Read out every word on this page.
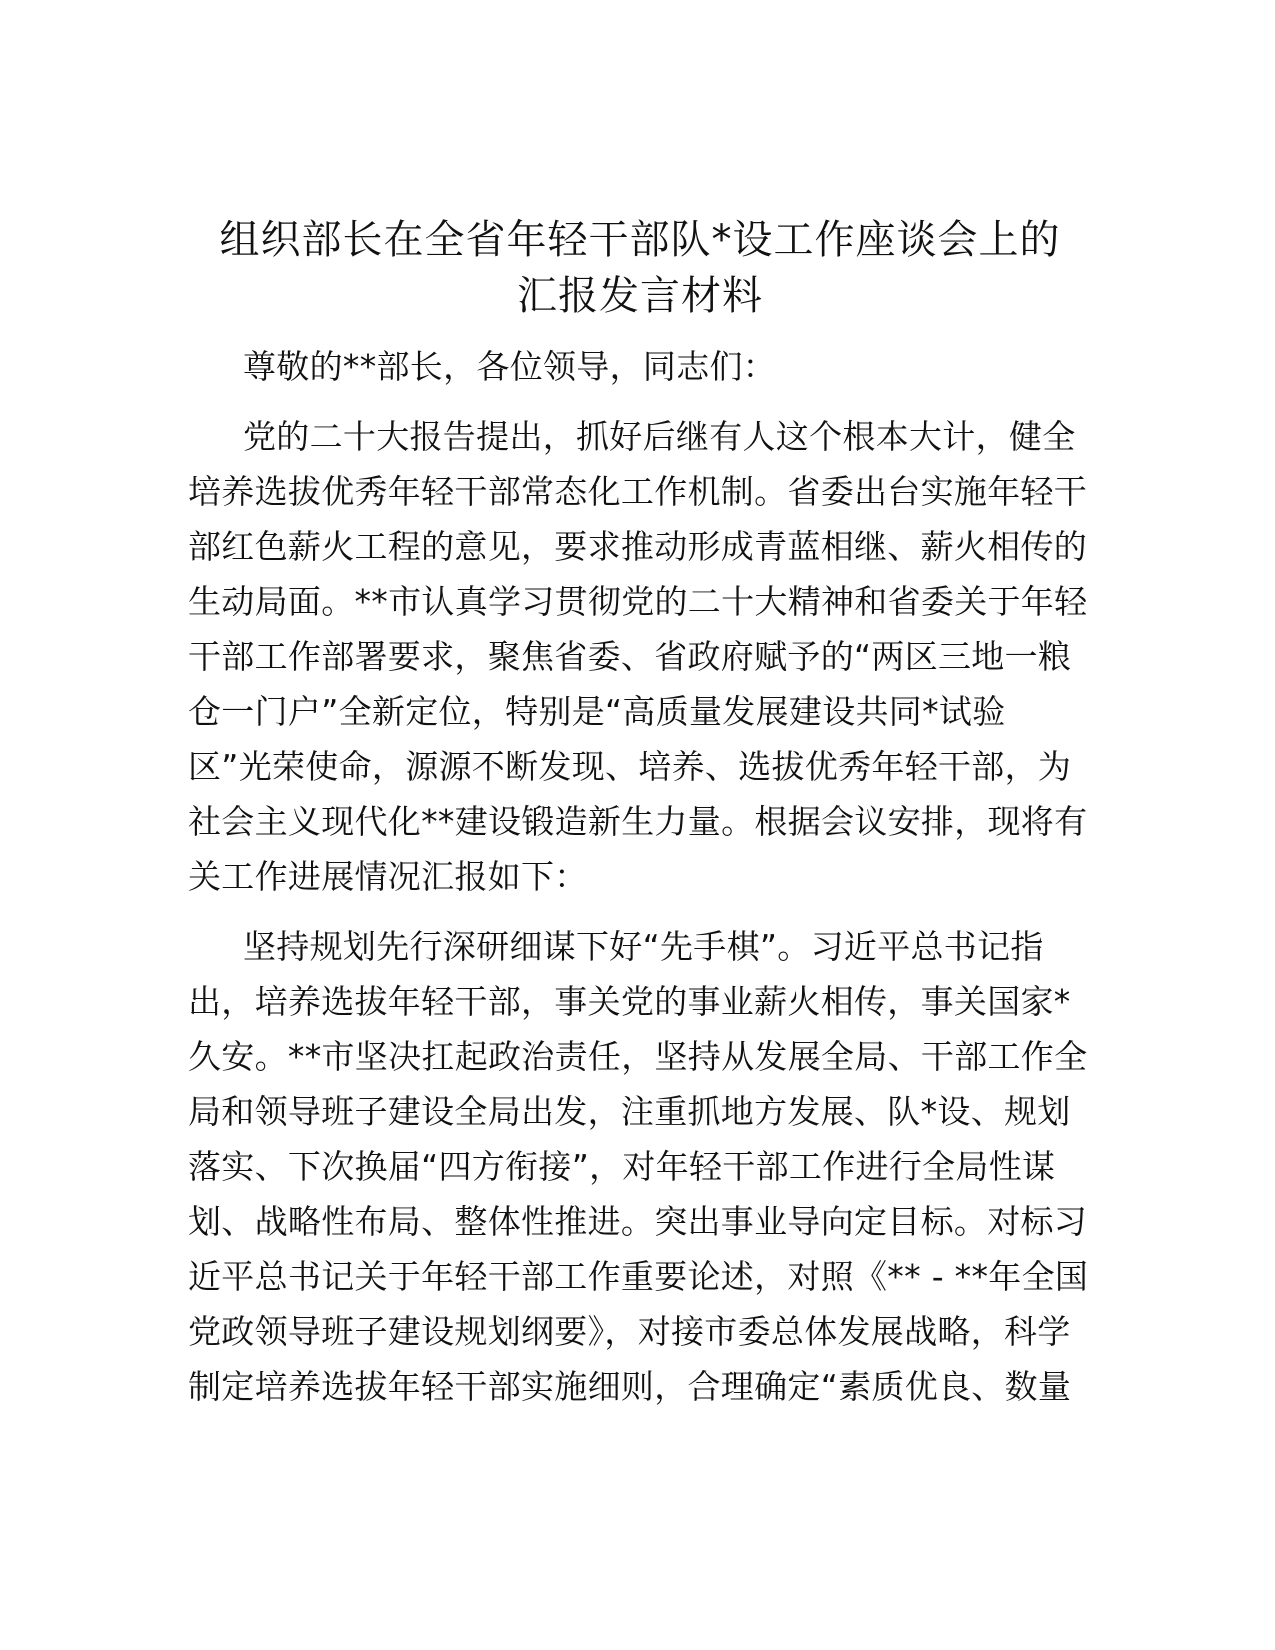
组织部长在全省年轻干部队*设工作座谈会上的
汇报发言材料
尊敬的**部长，各位领导，同志们：
党的二十大报告提出，抓好后继有人这个根本大计，健全
培养选拔优秀年轻干部常态化工作机制。省委出台实施年轻干
部红色薪火工程的意见，要求推动形成青蓝相继、薪火相传的
生动局面。**市认真学习贯彻党的二十大精神和省委关于年轻
干部工作部署要求，聚焦省委、省政府赋予的“两区三地一粮
仓一门户”全新定位，特别是“高质量发展建设共同*试验
区”光荣使命，源源不断发现、培养、选拔优秀年轻干部，为
社会主义现代化**建设锻造新生力量。根据会议安排，现将有
关工作进展情况汇报如下：
坚持规划先行深研细谋下好“先手棋”。习近平总书记指
出，培养选拔年轻干部，事关党的事业薪火相传，事关国家*
久安。**市坚决扛起政治责任，坚持从发展全局、干部工作全
局和领导班子建设全局出发，注重抓地方发展、队*设、规划
落实、下次换届“四方衔接”，对年轻干部工作进行全局性谋
划、战略性布局、整体性推进。突出事业导向定目标。对标习
近平总书记关于年轻干部工作重要论述，对照《** - **年全国
党政领导班子建设规划纲要》，对接市委总体发展战略，科学
制定培养选拔年轻干部实施细则，合理确定“素质优良、数量
